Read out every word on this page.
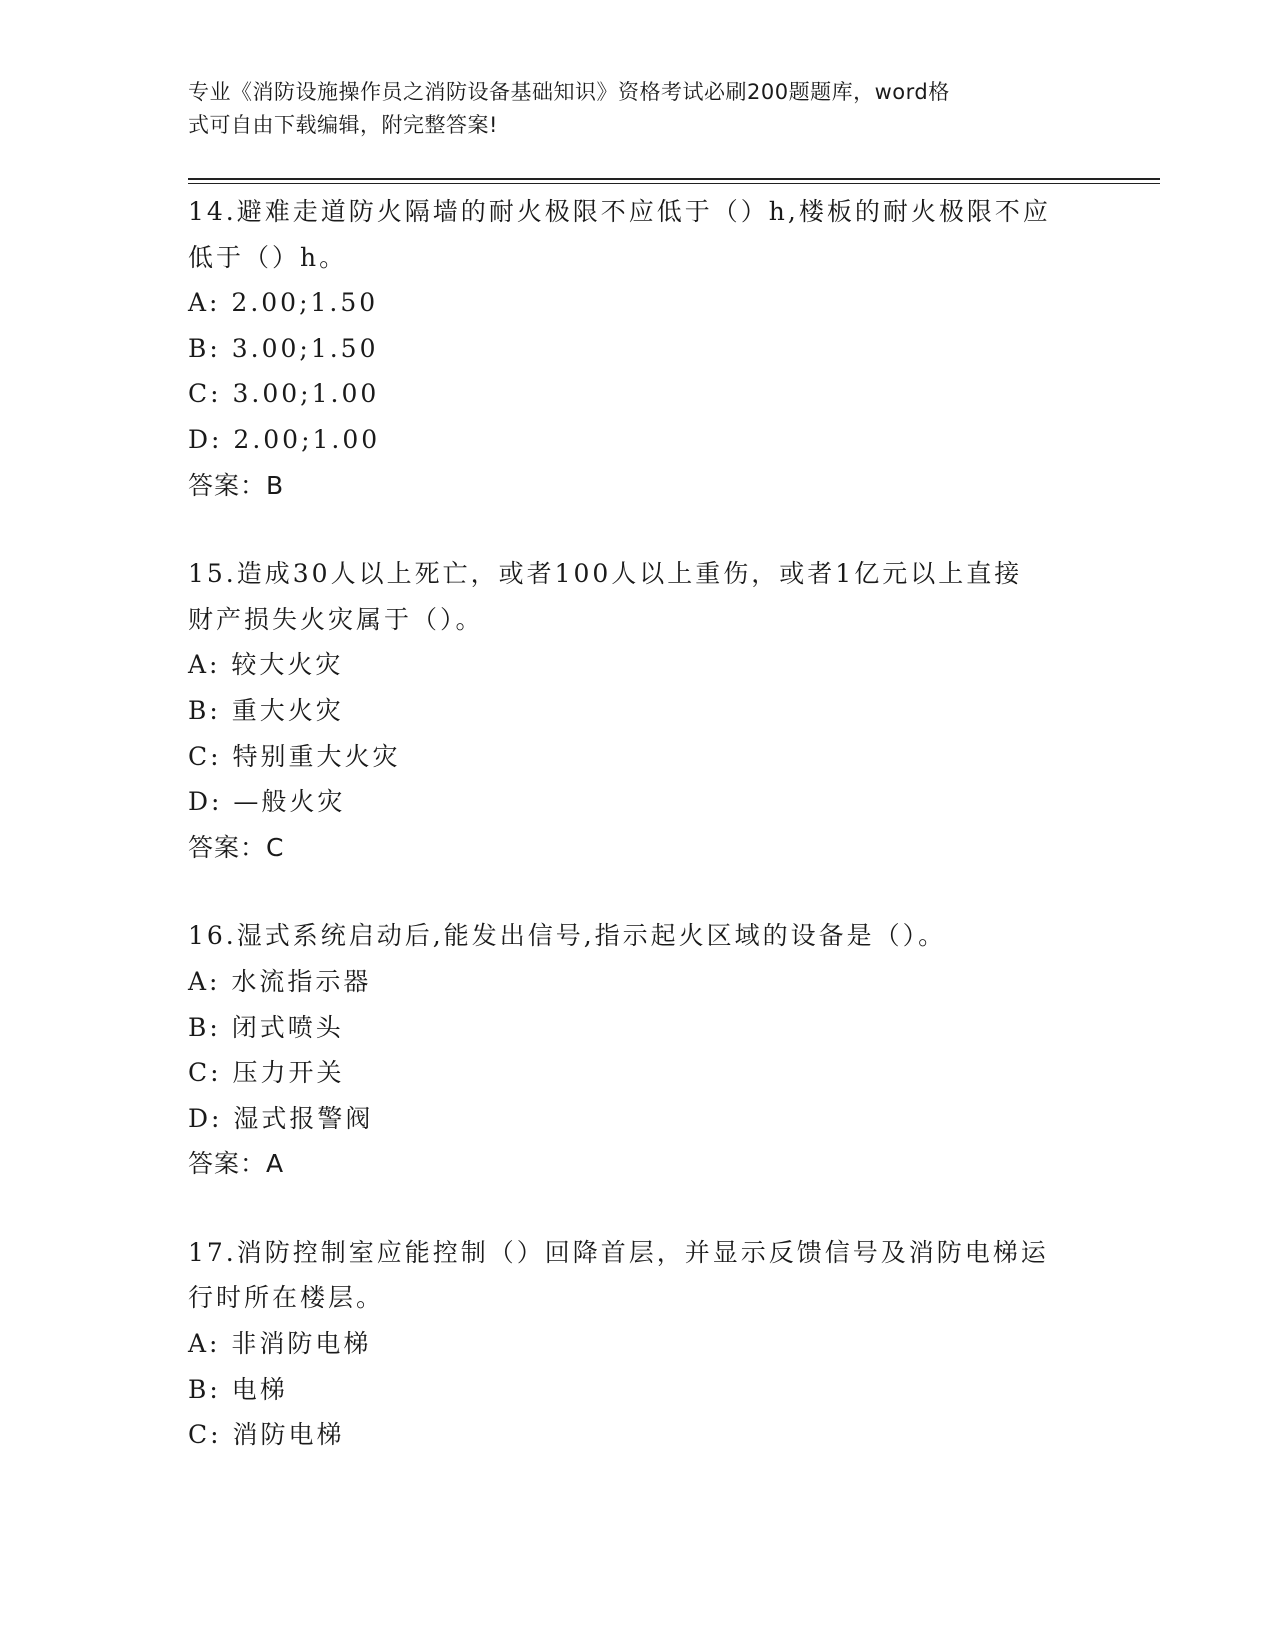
专业《消防设施操作员之消防设备基础知识》资格考试必刷200题题库，word格
式可自由下载编辑，附完整答案!

14.避难走道防火隔墙的耐火极限不应低于（）h,楼板的耐火极限不应

低于（）h。

A: 2.00;1.50

B: 3.00;1.50

C: 3.00;1.00

D: 2.00;1.00

答案：B

15.造成30人以上死亡，或者100人以上重伤，或者1亿元以上直接

财产损失火灾属于（）。

A: 较大火灾

B: 重大火灾

C: 特别重大火灾

D: —般火灾

答案：C

16.湿式系统启动后,能发出信号,指示起火区域的设备是（）。

A: 水流指示器

B: 闭式喷头

C: 压力开关

D: 湿式报警阀

答案：A

17.消防控制室应能控制（）回降首层，并显示反馈信号及消防电梯运

行时所在楼层。

A: 非消防电梯

B: 电梯

C: 消防电梯
